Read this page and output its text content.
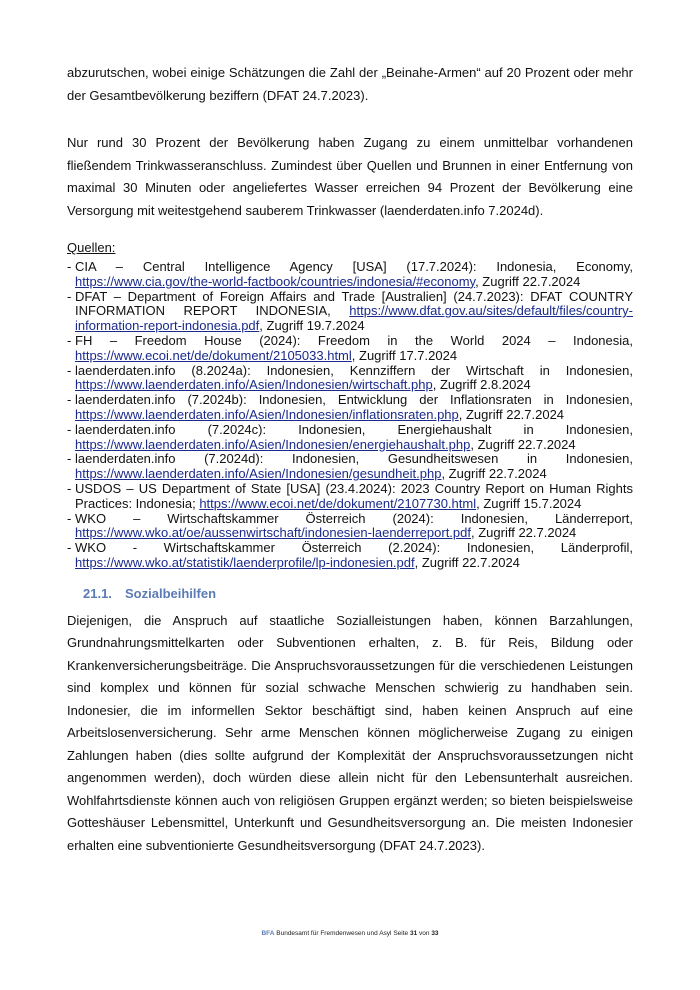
abzurutschen, wobei einige Schätzungen die Zahl der „Beinahe-Armen“ auf 20 Prozent oder mehr der Gesamtbevölkerung beziffern (DFAT 24.7.2023).

Nur rund 30 Prozent der Bevölkerung haben Zugang zu einem unmittelbar vorhandenen fließendem Trinkwasseranschluss. Zumindest über Quellen und Brunnen in einer Entfernung von maximal 30 Minuten oder angeliefertes Wasser erreichen 94 Prozent der Bevölkerung eine Versorgung mit weitestgehend sauberem Trinkwasser (laenderdaten.info 7.2024d).

Quellen:
- CIA – Central Intelligence Agency [USA] (17.7.2024): Indonesia, Economy, https://www.cia.gov/the-world-factbook/countries/indonesia/#economy, Zugriff 22.7.2024
- DFAT – Department of Foreign Affairs and Trade [Australien] (24.7.2023): DFAT COUNTRY INFORMATION REPORT INDONESIA, https://www.dfat.gov.au/sites/default/files/country-information-report-indonesia.pdf, Zugriff 19.7.2024
- FH – Freedom House (2024): Freedom in the World 2024 – Indonesia, https://www.ecoi.net/de/dokument/2105033.html, Zugriff 17.7.2024
- laenderdaten.info (8.2024a): Indonesien, Kennziffern der Wirtschaft in Indonesien, https://www.laenderdaten.info/Asien/Indonesien/wirtschaft.php, Zugriff 2.8.2024
- laenderdaten.info (7.2024b): Indonesien, Entwicklung der Inflationsraten in Indonesien, https://www.laenderdaten.info/Asien/Indonesien/inflationsraten.php, Zugriff 22.7.2024
- laenderdaten.info (7.2024c): Indonesien, Energiehaushalt in Indonesien, https://www.laenderdaten.info/Asien/Indonesien/energiehaushalt.php, Zugriff 22.7.2024
- laenderdaten.info (7.2024d): Indonesien, Gesundheitswesen in Indonesien, https://www.laenderdaten.info/Asien/Indonesien/gesundheit.php, Zugriff 22.7.2024
- USDOS – US Department of State [USA] (23.4.2024): 2023 Country Report on Human Rights Practices: Indonesia; https://www.ecoi.net/de/dokument/2107730.html, Zugriff 15.7.2024
- WKO – Wirtschaftskammer Österreich (2024): Indonesien, Länderreport, https://www.wko.at/oe/aussenwirtschaft/indonesien-laenderreport.pdf, Zugriff 22.7.2024
- WKO - Wirtschaftskammer Österreich (2.2024): Indonesien, Länderprofil, https://www.wko.at/statistik/laenderprofile/lp-indonesien.pdf, Zugriff 22.7.2024
21.1. Sozialbeihilfen

Diejenigen, die Anspruch auf staatliche Sozialleistungen haben, können Barzahlungen, Grundnahrungsmittelkarten oder Subventionen erhalten, z. B. für Reis, Bildung oder Krankenversicherungsbeiträge. Die Anspruchsvoraussetzungen für die verschiedenen Leistungen sind komplex und können für sozial schwache Menschen schwierig zu handhaben sein. Indonesier, die im informellen Sektor beschäftigt sind, haben keinen Anspruch auf eine Arbeitslosenversicherung. Sehr arme Menschen können möglicherweise Zugang zu einigen Zahlungen haben (dies sollte aufgrund der Komplexität der Anspruchsvoraussetzungen nicht angenommen werden), doch würden diese allein nicht für den Lebensunterhalt ausreichen. Wohlfahrtsdienste können auch von religiösen Gruppen ergänzt werden; so bieten beispielsweise Gotteshäuser Lebensmittel, Unterkunft und Gesundheitsversorgung an. Die meisten Indonesier erhalten eine subventionierte Gesundheitsversorgung (DFAT 24.7.2023).

BFA Bundesamt für Fremdenwesen und Asyl Seite 31 von 33
